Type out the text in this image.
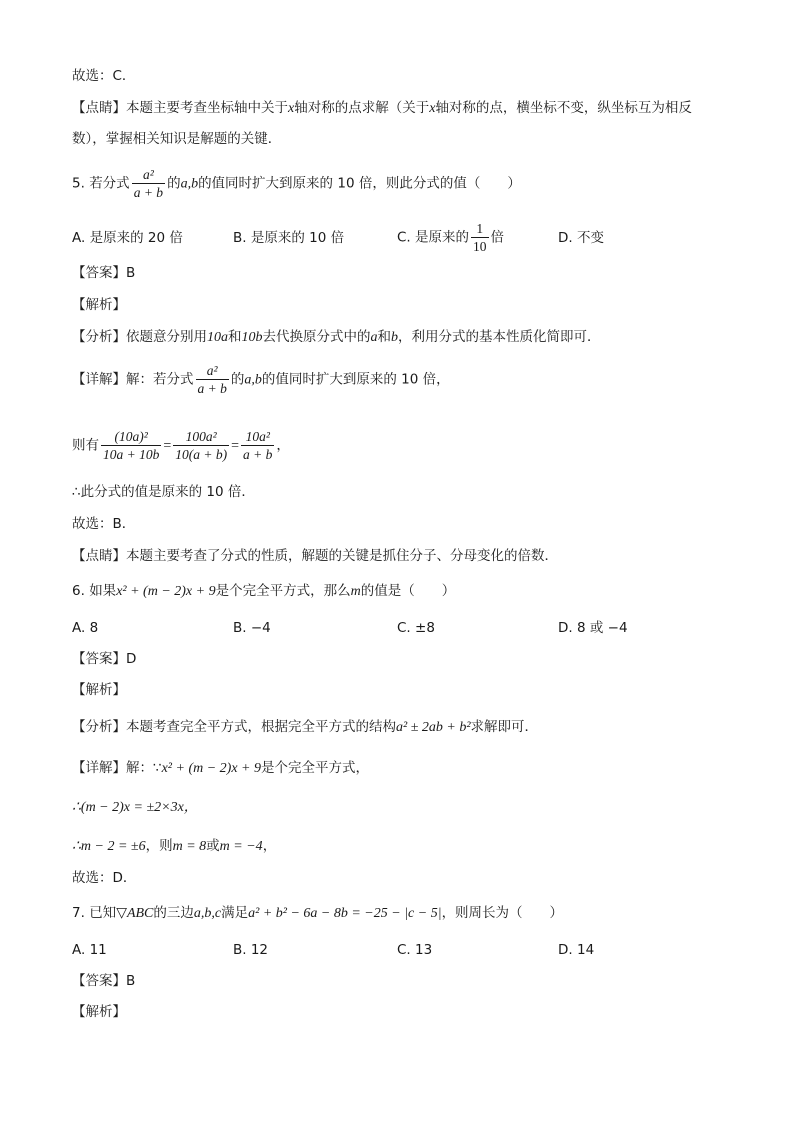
故选：C．
【点睛】本题主要考查坐标轴中关于x轴对称的点求解（关于x轴对称的点，横坐标不变，纵坐标互为相反
数），掌握相关知识是解题的关键．
5. 若分式 $\frac{\text{a²}}{a + b}$ 的a,b的值同时扩大到原来的 10 倍，则此分式的值（　　）
A. 是原来的 20 倍	B. 是原来的 10 倍	C. 是原来的 $\frac{1}{10}$ 倍	D. 不变
【答案】B
【解析】
【分析】依题意分别用10a和10b去代换原分式中的a和b，利用分式的基本性质化简即可．
【详解】解：若分式 $\frac{\text{a²}}{a + b}$ 的a,b的值同时扩大到原来的 10 倍，
则有 $\frac{\text{(10a)²}}{10a + 10b} = \frac{\text{100a²}}{10(a + b)} = \frac{\text{10a²}}{a + b}$ ，
∴此分式的值是原来的 10 倍．
故选：B．
【点睛】本题主要考查了分式的性质，解题的关键是抓住分子、分母变化的倍数．
6. 如果x² + (m − 2)x + 9是个完全平方式，那么m的值是（　　）
A. 8	B. −4	C. ±8	D. 8 或 −4
【答案】D
【解析】
【分析】本题考查完全平方式，根据完全平方式的结构a² ± 2ab + b²求解即可．
【详解】解：∵x² + (m − 2)x + 9是个完全平方式，
∴(m − 2)x = ±2×3x，
∴m − 2 = ±6，则m = 8或m = −4，
故选：D．
7. 已知▽ABC的三边a,b,c满足a² + b² − 6a − 8b = −25 − |c − 5|，则周长为（　　）
A. 11	B. 12	C. 13	D. 14
【答案】B
【解析】
